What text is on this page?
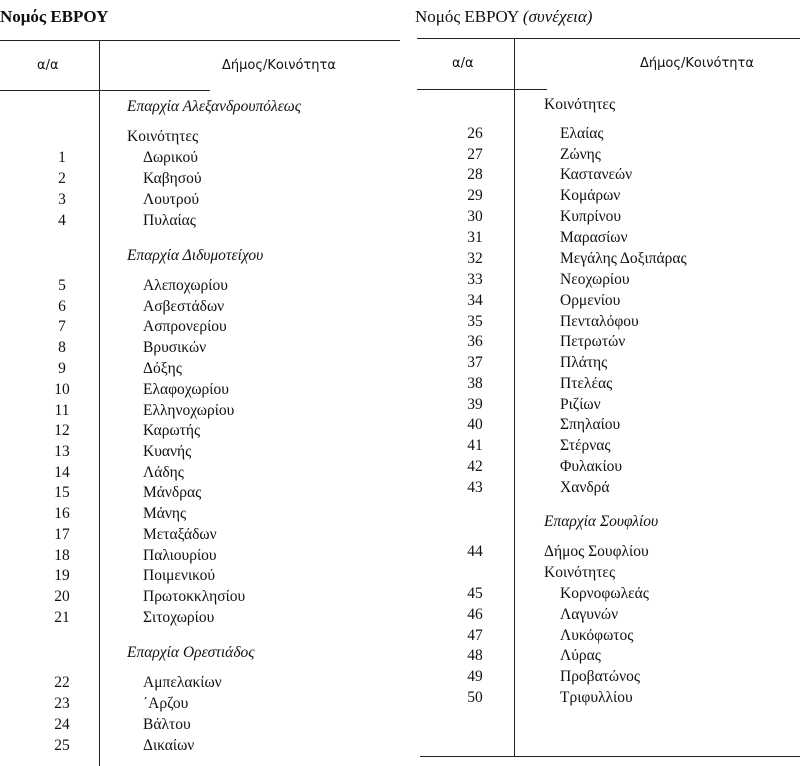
Νομός ΕΒΡΟΥ
α/α	Δήμος/Κοινότητα
Επαρχία Αλεξανδρουπόλεως
Κοινότητες
1	Δωρικού
2	Καβησού
3	Λουτρού
4	Πυλαίας
Επαρχία Διδυμοτείχου
5	Αλεποχωρίου
6	Ασβεστάδων
7	Ασπρονερίου
8	Βρυσικών
9	Δόξης
10	Ελαφοχωρίου
11	Ελληνοχωρίου
12	Καρωτής
13	Κυανής
14	Λάδης
15	Μάνδρας
16	Μάνης
17	Μεταξάδων
18	Παλιουρίου
19	Ποιμενικού
20	Πρωτοκκλησίου
21	Σιτοχωρίου
Επαρχία Ορεστιάδος
22	Αμπελακίων
23	΄Αρζου
24	Βάλτου
25	Δικαίων
Νομός ΕΒΡΟΥ (συνέχεια)
α/α	Δήμος/Κοινότητα
Κοινότητες
26	Ελαίας
27	Ζώνης
28	Καστανεών
29	Κομάρων
30	Κυπρίνου
31	Μαρασίων
32	Μεγάλης Δοξιπάρας
33	Νεοχωρίου
34	Ορμενίου
35	Πενταλόφου
36	Πετρωτών
37	Πλάτης
38	Πτελέας
39	Ριζίων
40	Σπηλαίου
41	Στέρνας
42	Φυλακίου
43	Χανδρά
Επαρχία Σουφλίου
44	Δήμος Σουφλίου
Κοινότητες
45	Κορνοφωλεάς
46	Λαγυνών
47	Λυκόφωτος
48	Λύρας
49	Προβατώνος
50	Τριφυλλίου
